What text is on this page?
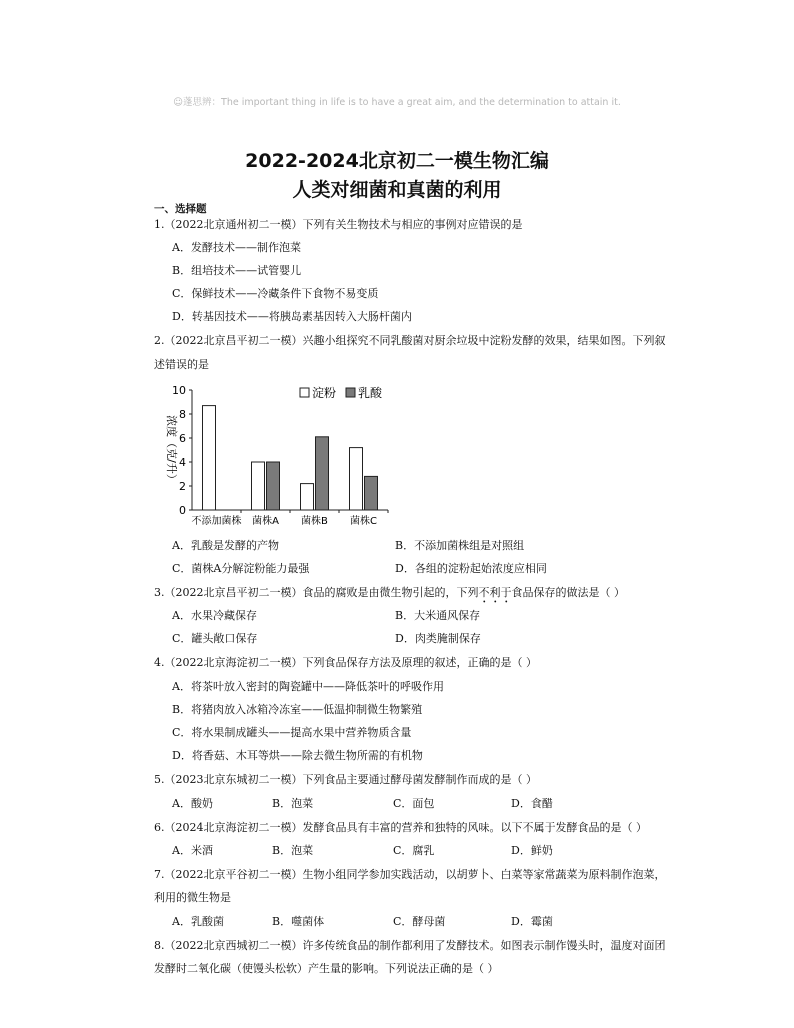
☺蓬思辨：The important thing in life is to have a great aim, and the determination to attain it.
2022-2024北京初二一模生物汇编
人类对细菌和真菌的利用
一、选择题
1.（2022北京通州初二一模）下列有关生物技术与相应的事例对应错误的是
A．发酵技术——制作泡菜
B．组培技术——试管婴儿
C．保鲜技术——冷藏条件下食物不易变质
D．转基因技术——将胰岛素基因转入大肠杆菌内
2.（2022北京昌平初二一模）兴趣小组探究不同乳酸菌对厨余垃圾中淀粉发酵的效果，结果如图。下列叙
述错误的是
0
2
4
6
8
10
浓度（克/升）
不添加菌株 菌株A 菌株B 菌株C
淀粉 乳酸
A．乳酸是发酵的产物	B．不添加菌株组是对照组
C．菌株A分解淀粉能力最强	D．各组的淀粉起始浓度应相同
3.（2022北京昌平初二一模）食品的腐败是由微生物引起的，下列不利于食品保存的做法是（ ）
A．水果冷藏保存	B．大米通风保存
C．罐头敞口保存	D．肉类腌制保存
4.（2022北京海淀初二一模）下列食品保存方法及原理的叙述，正确的是（ ）
A．将茶叶放入密封的陶瓷罐中——降低茶叶的呼吸作用
B．将猪肉放入冰箱冷冻室——低温抑制微生物繁殖
C．将水果制成罐头——提高水果中营养物质含量
D．将香菇、木耳等烘——除去微生物所需的有机物
5.（2023北京东城初二一模）下列食品主要通过酵母菌发酵制作而成的是（ ）
A．酸奶	B．泡菜	C．面包	D．食醋
6.（2024北京海淀初二一模）发酵食品具有丰富的营养和独特的风味。以下不属于发酵食品的是（ ）
A．米酒	B．泡菜	C．腐乳	D．鲜奶
7.（2022北京平谷初二一模）生物小组同学参加实践活动，以胡萝卜、白菜等家常蔬菜为原料制作泡菜，
利用的微生物是
A．乳酸菌	B．噬菌体	C．酵母菌	D．霉菌
8.（2022北京西城初二一模）许多传统食品的制作都利用了发酵技术。如图表示制作馒头时，温度对面团
发酵时二氧化碳（使馒头松软）产生量的影响。下列说法正确的是（ ）
